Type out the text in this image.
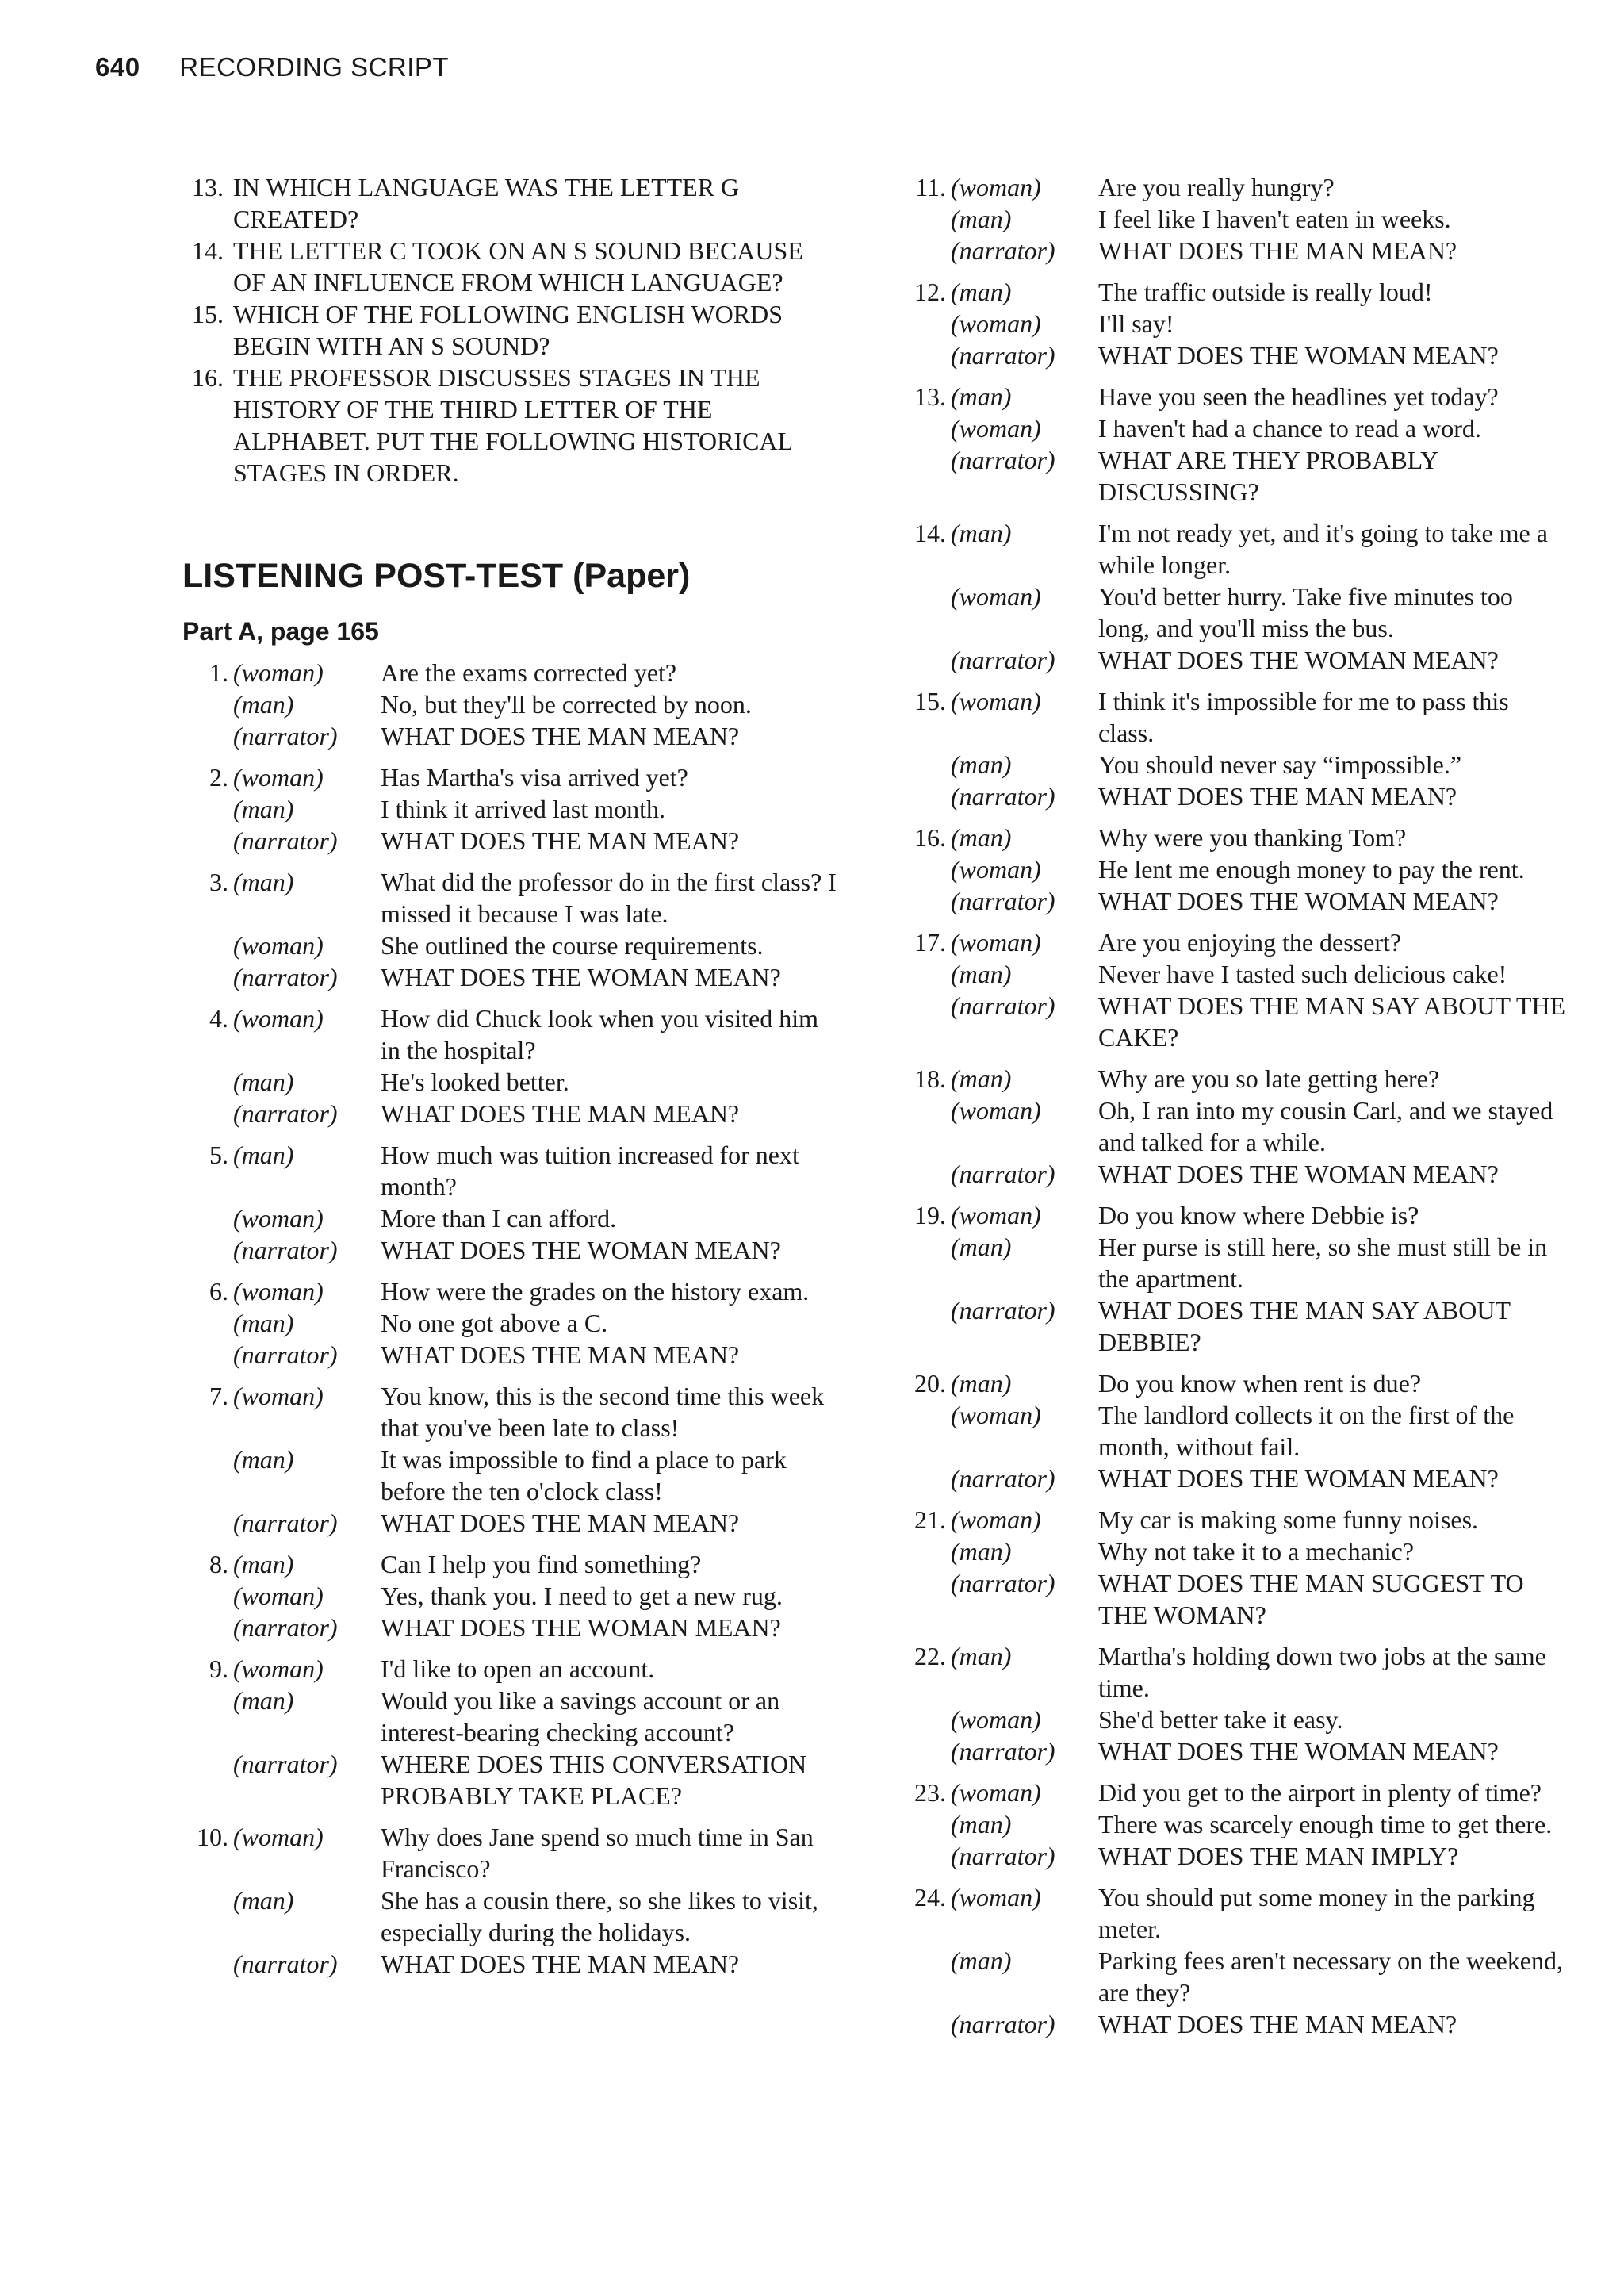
640 RECORDING SCRIPT
13. IN WHICH LANGUAGE WAS THE LETTER G CREATED?
14. THE LETTER C TOOK ON AN S SOUND BECAUSE OF AN INFLUENCE FROM WHICH LANGUAGE?
15. WHICH OF THE FOLLOWING ENGLISH WORDS BEGIN WITH AN S SOUND?
16. THE PROFESSOR DISCUSSES STAGES IN THE HISTORY OF THE THIRD LETTER OF THE ALPHABET. PUT THE FOLLOWING HISTORICAL STAGES IN ORDER.
LISTENING POST-TEST (Paper)
Part A, page 165
1. (woman)	Are the exams corrected yet?
(man)	No, but they'll be corrected by noon.
(narrator)	WHAT DOES THE MAN MEAN?
2. (woman)	Has Martha's visa arrived yet?
(man)	I think it arrived last month.
(narrator)	WHAT DOES THE MAN MEAN?
3. (man)	What did the professor do in the first class? I missed it because I was late.
(woman)	She outlined the course requirements.
(narrator)	WHAT DOES THE WOMAN MEAN?
4. (woman)	How did Chuck look when you visited him in the hospital?
(man)	He's looked better.
(narrator)	WHAT DOES THE MAN MEAN?
5. (man)	How much was tuition increased for next month?
(woman)	More than I can afford.
(narrator)	WHAT DOES THE WOMAN MEAN?
6. (woman)	How were the grades on the history exam.
(man)	No one got above a C.
(narrator)	WHAT DOES THE MAN MEAN?
7. (woman)	You know, this is the second time this week that you've been late to class!
(man)	It was impossible to find a place to park before the ten o'clock class!
(narrator)	WHAT DOES THE MAN MEAN?
8. (man)	Can I help you find something?
(woman)	Yes, thank you. I need to get a new rug.
(narrator)	WHAT DOES THE WOMAN MEAN?
9. (woman)	I'd like to open an account.
(man)	Would you like a savings account or an interest-bearing checking account?
(narrator)	WHERE DOES THIS CONVERSATION PROBABLY TAKE PLACE?
10. (woman)	Why does Jane spend so much time in San Francisco?
(man)	She has a cousin there, so she likes to visit, especially during the holidays.
(narrator)	WHAT DOES THE MAN MEAN?
11. (woman)	Are you really hungry?
(man)	I feel like I haven't eaten in weeks.
(narrator)	WHAT DOES THE MAN MEAN?
12. (man)	The traffic outside is really loud!
(woman)	I'll say!
(narrator)	WHAT DOES THE WOMAN MEAN?
13. (man)	Have you seen the headlines yet today?
(woman)	I haven't had a chance to read a word.
(narrator)	WHAT ARE THEY PROBABLY DISCUSSING?
14. (man)	I'm not ready yet, and it's going to take me a while longer.
(woman)	You'd better hurry. Take five minutes too long, and you'll miss the bus.
(narrator)	WHAT DOES THE WOMAN MEAN?
15. (woman)	I think it's impossible for me to pass this class.
(man)	You should never say “impossible.”
(narrator)	WHAT DOES THE MAN MEAN?
16. (man)	Why were you thanking Tom?
(woman)	He lent me enough money to pay the rent.
(narrator)	WHAT DOES THE WOMAN MEAN?
17. (woman)	Are you enjoying the dessert?
(man)	Never have I tasted such delicious cake!
(narrator)	WHAT DOES THE MAN SAY ABOUT THE CAKE?
18. (man)	Why are you so late getting here?
(woman)	Oh, I ran into my cousin Carl, and we stayed and talked for a while.
(narrator)	WHAT DOES THE WOMAN MEAN?
19. (woman)	Do you know where Debbie is?
(man)	Her purse is still here, so she must still be in the apartment.
(narrator)	WHAT DOES THE MAN SAY ABOUT DEBBIE?
20. (man)	Do you know when rent is due?
(woman)	The landlord collects it on the first of the month, without fail.
(narrator)	WHAT DOES THE WOMAN MEAN?
21. (woman)	My car is making some funny noises.
(man)	Why not take it to a mechanic?
(narrator)	WHAT DOES THE MAN SUGGEST TO THE WOMAN?
22. (man)	Martha's holding down two jobs at the same time.
(woman)	She'd better take it easy.
(narrator)	WHAT DOES THE WOMAN MEAN?
23. (woman)	Did you get to the airport in plenty of time?
(man)	There was scarcely enough time to get there.
(narrator)	WHAT DOES THE MAN IMPLY?
24. (woman)	You should put some money in the parking meter.
(man)	Parking fees aren't necessary on the weekend, are they?
(narrator)	WHAT DOES THE MAN MEAN?
